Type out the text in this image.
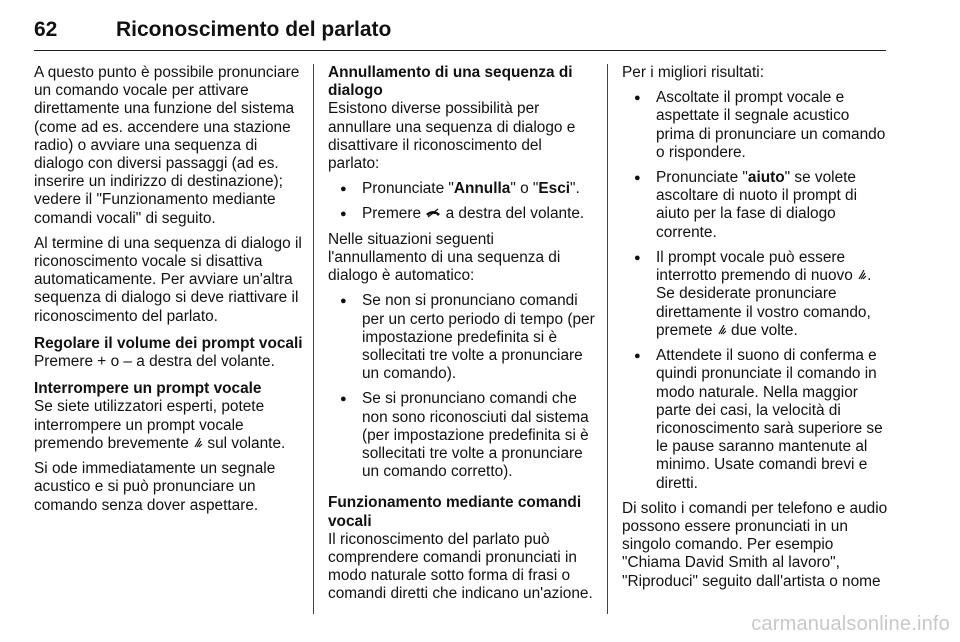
62	Riconoscimento del parlato

A questo punto è possibile pronunciare un comando vocale per attivare direttamente una funzione del sistema (come ad es. accendere una stazione radio) o avviare una sequenza di dialogo con diversi passaggi (ad es. inserire un indirizzo di destinazione); vedere il "Funzionamento mediante comandi vocali" di seguito.

Al termine di una sequenza di dialogo il riconoscimento vocale si disattiva automaticamente. Per avviare un'altra sequenza di dialogo si deve riattivare il riconoscimento del parlato.

Regolare il volume dei prompt vocali

Premere + o – a destra del volante.

Interrompere un prompt vocale

Se siete utilizzatori esperti, potete interrompere un prompt vocale premendo brevemente sul volante.

Si ode immediatamente un segnale acustico e si può pronunciare un comando senza dover aspettare.

Annullamento di una sequenza di dialogo

Esistono diverse possibilità per annullare una sequenza di dialogo e disattivare il riconoscimento del parlato:

● Pronunciate "Annulla" o "Esci".
● Premere a destra del volante.

Nelle situazioni seguenti l'annullamento di una sequenza di dialogo è automatico:

● Se non si pronunciano comandi per un certo periodo di tempo (per impostazione predefinita si è sollecitati tre volte a pronunciare un comando).
● Se si pronunciano comandi che non sono riconosciuti dal sistema (per impostazione predefinita si è sollecitati tre volte a pronunciare un comando corretto).
Funzionamento mediante comandi vocali

Il riconoscimento del parlato può comprendere comandi pronunciati in modo naturale sotto forma di frasi o comandi diretti che indicano un'azione.

Per i migliori risultati:

● Ascoltate il prompt vocale e aspettate il segnale acustico prima di pronunciare un comando o rispondere.
● Pronunciate "aiuto" se volete ascoltare di nuoto il prompt di aiuto per la fase di dialogo corrente.
● Il prompt vocale può essere interrotto premendo di nuovo . Se desiderate pronunciare direttamente il vostro comando, premete due volte.
● Attendete il suono di conferma e quindi pronunciate il comando in modo naturale. Nella maggior parte dei casi, la velocità di riconoscimento sarà superiore se le pause saranno mantenute al minimo. Usate comandi brevi e diretti.

Di solito i comandi per telefono e audio possono essere pronunciati in un singolo comando. Per esempio "Chiama David Smith al lavoro", "Riproduci" seguito dall'artista o nome

carmanualsonline.info
